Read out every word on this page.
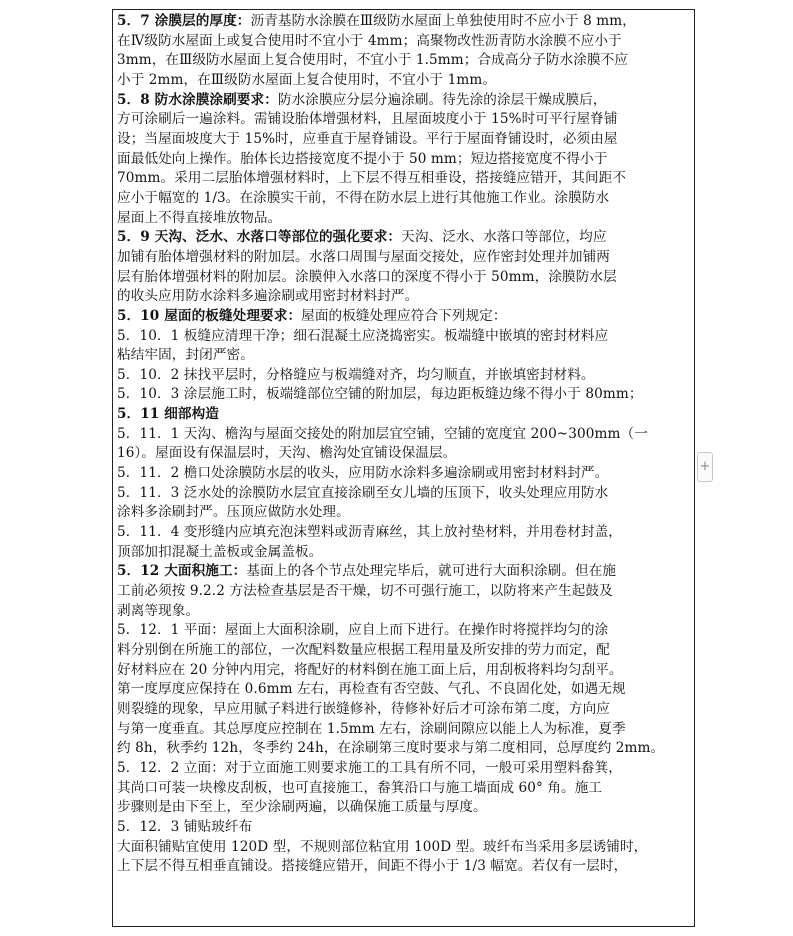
5．7 涂膜层的厚度：沥青基防水涂膜在Ⅲ级防水屋面上单独使用时不应小于 8 mm，
在Ⅳ级防水屋面上或复合使用时不宜小于 4mm；高聚物改性沥青防水涂膜不应小于
3mm，在Ⅲ级防水屋面上复合使用时，不宜小于 1.5mm；合成高分子防水涂膜不应
小于 2mm，在Ⅲ级防水屋面上复合使用时，不宜小于 1mm。
5．8 防水涂膜涂刷要求：防水涂膜应分层分遍涂刷。待先涂的涂层干燥成膜后，
方可涂刷后一遍涂料。需铺设胎体增强材料，且屋面坡度小于 15%时可平行屋脊铺
设；当屋面坡度大于 15%时，应垂直于屋脊铺设。平行于屋面脊铺设时，必须由屋
面最低处向上操作。胎体长边搭接宽度不提小于 50 mm；短边搭接宽度不得小于
70mm。采用二层胎体增强材料时，上下层不得互相垂设，搭接缝应错开，其间距不
应小于幅宽的 1/3。在涂膜实干前，不得在防水层上进行其他施工作业。涂膜防水
屋面上不得直接堆放物品。
5．9 天沟、泛水、水落口等部位的强化要求：天沟、泛水、水落口等部位，均应
加铺有胎体增强材料的附加层。水落口周围与屋面交接处，应作密封处理并加铺两
层有胎体增强材料的附加层。涂膜伸入水落口的深度不得小于 50mm，涂膜防水层
的收头应用防水涂料多遍涂刷或用密封材料封严。
5．10 屋面的板缝处理要求：屋面的板缝处理应符合下列规定：
5．10．1 板缝应清理干净；细石混凝土应浇捣密实。板端缝中嵌填的密封材料应
粘结牢固，封闭严密。
5．10．2 抹找平层时，分格缝应与板端缝对齐，均匀顺直，并嵌填密封材料。
5．10．3 涂层施工时，板端缝部位空铺的附加层，每边距板缝边缘不得小于 80mm；
5．11 细部构造
5．11．1 天沟、檐沟与屋面交接处的附加层宜空铺，空铺的宽度宜 200~300mm（一
16）。屋面设有保温层时，天沟、檐沟处宜铺设保温层。
5．11．2 檐口处涂膜防水层的收头，应用防水涂料多遍涂刷或用密封材料封严。
5．11．3 泛水处的涂膜防水层宜直接涂刷至女儿墙的压顶下，收头处理应用防水
涂料多涂刷封严。压顶应做防水处理。
5．11．4 变形缝内应填充泡沫塑料或沥青麻丝，其上放衬垫材料，并用卷材封盖，
顶部加扣混凝土盖板或金属盖板。
5．12 大面积施工：基面上的各个节点处理完毕后，就可进行大面积涂刷。但在施
工前必须按 9.2.2 方法检查基层是否干燥，切不可强行施工，以防将来产生起鼓及
剥离等现象。
5．12．1 平面：屋面上大面积涂刷，应自上而下进行。在操作时将搅拌均匀的涂
料分别倒在所施工的部位，一次配料数量应根据工程用量及所安排的劳力而定，配
好材料应在 20 分钟内用完，将配好的材料倒在施工面上后，用刮板将料均匀刮平。
第一度厚度应保持在 0.6mm 左右，再检查有否空鼓、气孔、不良固化处，如遇无规
则裂缝的现象，早应用腻子料进行嵌缝修补，待修补好后才可涂布第二度，方向应
与第一度垂直。其总厚度应控制在 1.5mm 左右，涂刷间隙应以能上人为标准，夏季
约 8h，秋季约 12h，冬季约 24h，在涂刷第三度时要求与第二度相同，总厚度约 2mm。
5．12．2 立面：对于立面施工则要求施工的工具有所不同，一般可采用塑料畚箕，
其尚口可装一块橡皮刮板，也可直接施工，畚箕沿口与施工墙面成 60° 角。施工
步骤则是由下至上，至少涂刷两遍，以确保施工质量与厚度。
5．12．3 铺贴玻纤布
大面积铺贴宜使用 120D 型，不规则部位粘宜用 100D 型。玻纤布当采用多层诱铺时，
上下层不得互相垂直铺设。搭接缝应错开，间距不得小于 1/3 幅宽。若仅有一层时，
+
